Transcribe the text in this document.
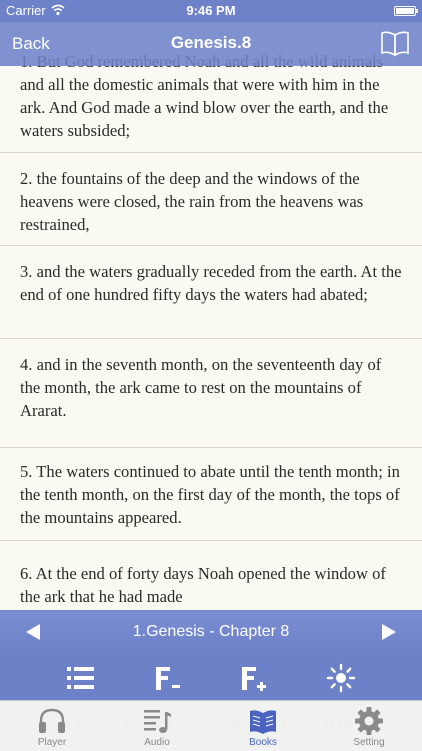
Carrier	9:46 PM
and all the domestic animals that were with him in the ark. And God made a wind blow over the earth, and the waters subsided;
2. the fountains of the deep and the windows of the heavens were closed, the rain from the heavens was restrained,
3. and the waters gradually receded from the earth. At the end of one hundred fifty days the waters had abated;
4. and in the seventh month, on the seventeenth day of the month, the ark came to rest on the mountains of Ararat.
5. The waters continued to abate until the tenth month; in the tenth month, on the first day of the month, the tops of the mountains appeared.
6. At the end of forty days Noah opened the window of the ark that he had made
Back	Genesis.8
1.Genesis - Chapter 8
Player	Audio	Books	Setting
